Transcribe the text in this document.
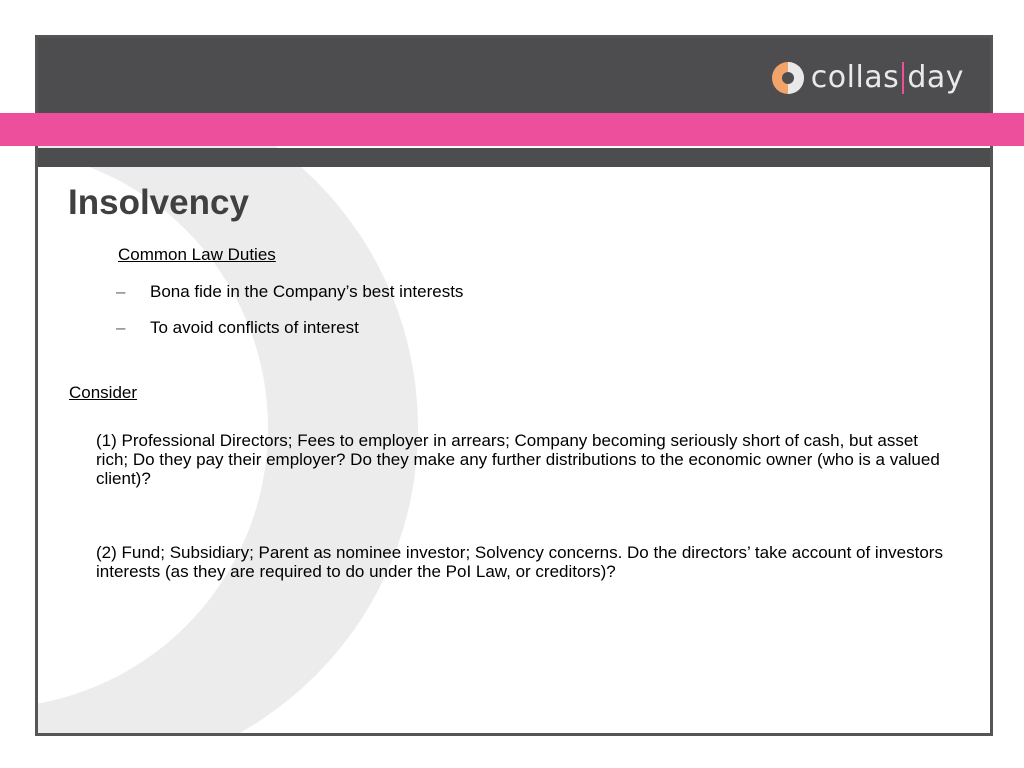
collas day
Insolvency
Common Law Duties
–	Bona fide in the Company’s best interests
–	To avoid conflicts of interest
Consider

(1) Professional Directors; Fees to employer in arrears; Company becoming seriously short of cash, but asset rich; Do they pay their employer? Do they make any further distributions to the economic owner (who is a valued client)?

(2) Fund; Subsidiary; Parent as nominee investor; Solvency concerns. Do the directors’ take account of investors interests (as they are required to do under the PoI Law, or creditors)?
